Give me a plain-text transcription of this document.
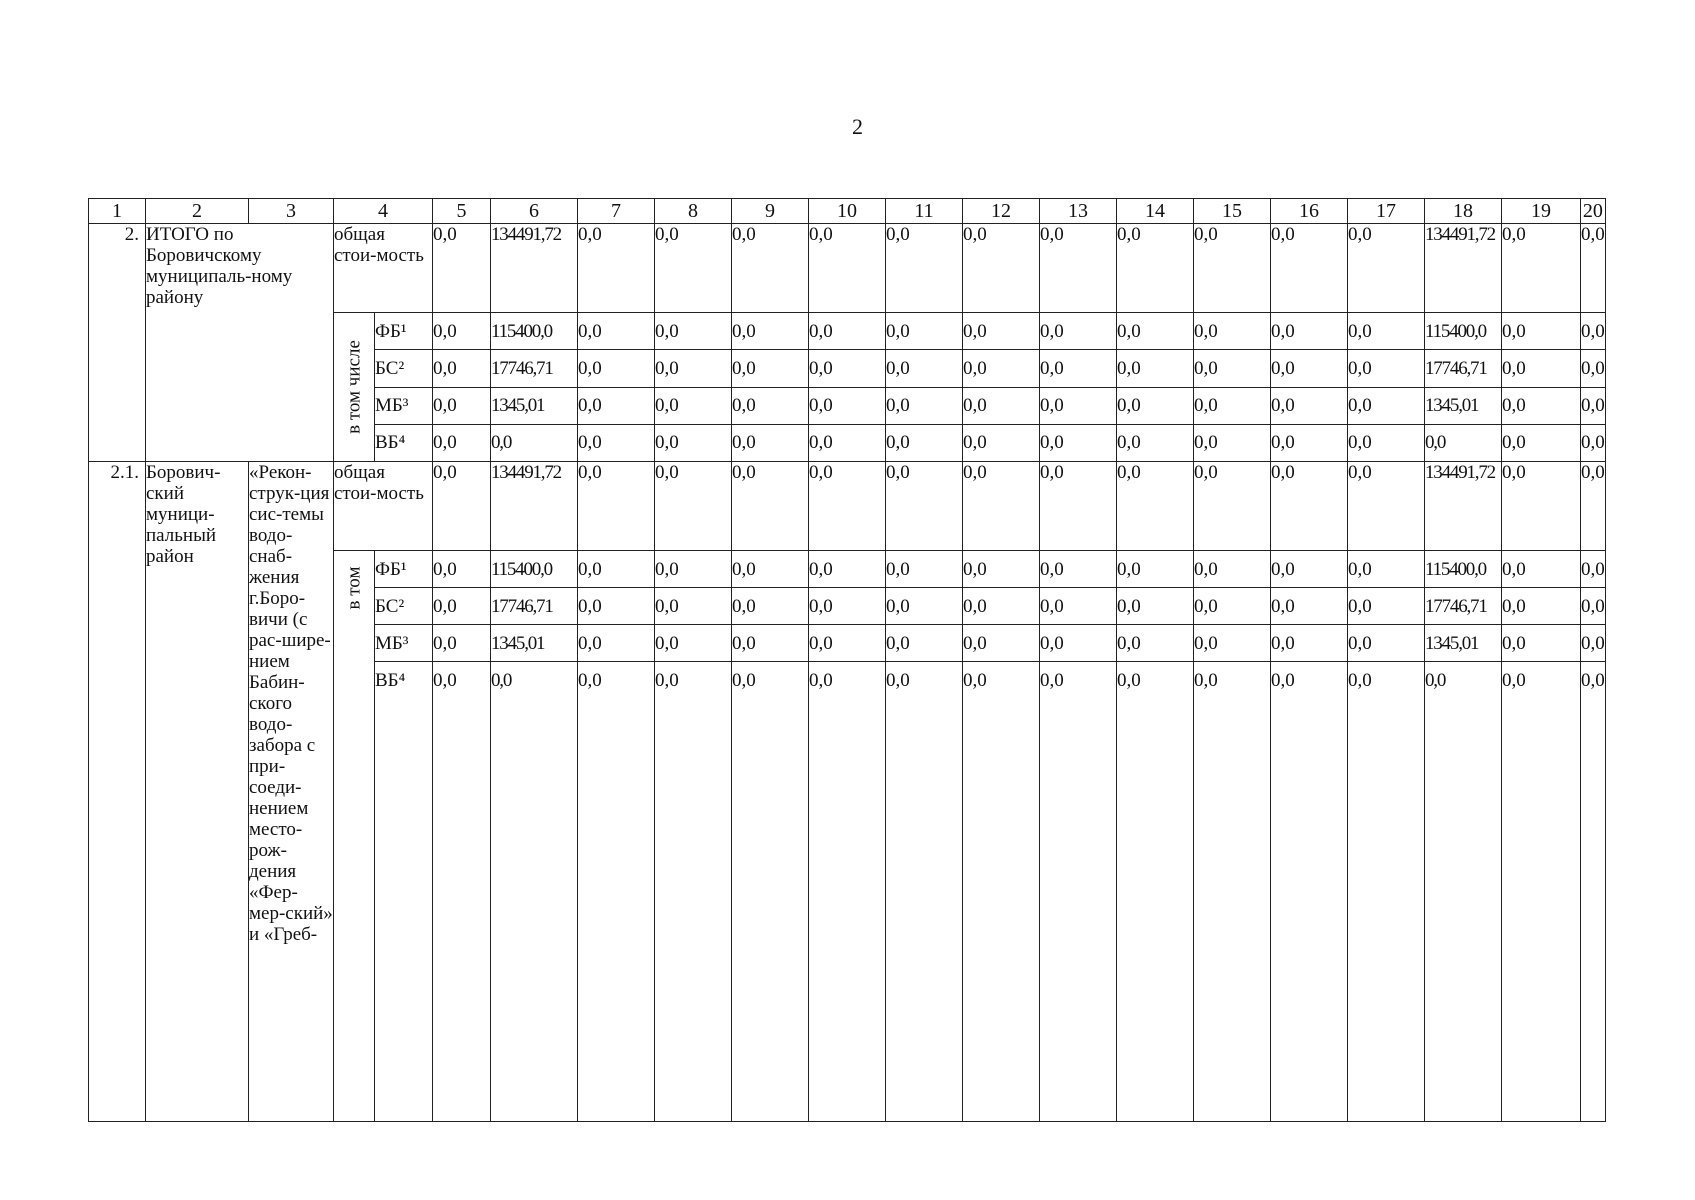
2
1	2	3	4		5	6	7	8	9	10	11	12	13	14	15	16	17	18	19	20
2.	ИТОГО по Боровичскому муниципаль-ному району		общая стои-мость		0,0	134491,72	0,0	0,0	0,0	0,0	0,0	0,0	0,0	0,0	0,0	0,0	0,0	134491,72	0,0	0,0

			в том числе	ФБ¹	0,0	115400,0	0,0	0,0	0,0	0,0	0,0	0,0	0,0	0,0	0,0	0,0	0,0	115400,0	0,0	0,0
				БС²	0,0	17746,71	0,0	0,0	0,0	0,0	0,0	0,0	0,0	0,0	0,0	0,0	0,0	17746,71	0,0	0,0
				МБ³	0,0	1345,01	0,0	0,0	0,0	0,0	0,0	0,0	0,0	0,0	0,0	0,0	0,0	1345,01	0,0	0,0
				ВБ⁴	0,0	0,0	0,0	0,0	0,0	0,0	0,0	0,0	0,0	0,0	0,0	0,0	0,0	0,0	0,0	0,0
2.1.	Борович-ский муници-пальный район	«Рекон-струк-ция сис-темы водо-снаб-жения г.Боро-вичи (с рас-шире-нием Бабин-ского водо-забора с при-соеди-нением место-рож-дения «Фер-мер-ский» и «Греб-	общая стои-мость		0,0	134491,72	0,0	0,0	0,0	0,0	0,0	0,0	0,0	0,0	0,0	0,0	0,0	134491,72	0,0	0,0

			в том	ФБ¹	0,0	115400,0	0,0	0,0	0,0	0,0	0,0	0,0	0,0	0,0	0,0	0,0	0,0	115400,0	0,0	0,0
				БС²	0,0	17746,71	0,0	0,0	0,0	0,0	0,0	0,0	0,0	0,0	0,0	0,0	0,0	17746,71	0,0	0,0
				МБ³	0,0	1345,01	0,0	0,0	0,0	0,0	0,0	0,0	0,0	0,0	0,0	0,0	0,0	1345,01	0,0	0,0
				ВБ⁴	0,0	0,0	0,0	0,0	0,0	0,0	0,0	0,0	0,0	0,0	0,0	0,0	0,0	0,0	0,0	0,0
